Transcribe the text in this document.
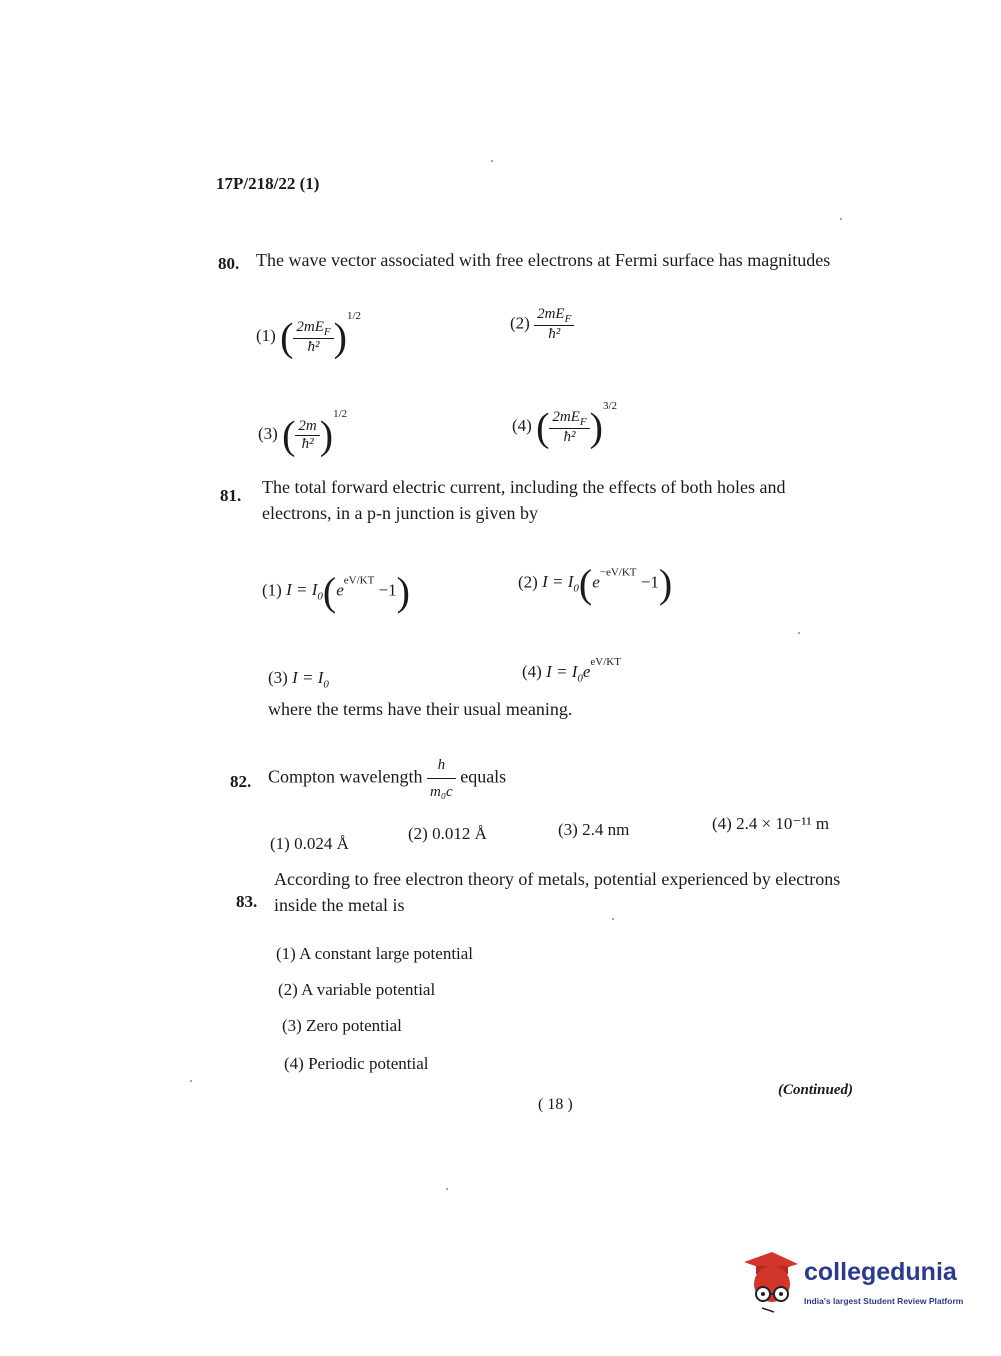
17P/218/22 (1)
80. The wave vector associated with free electrons at Fermi surface has magnitudes
(1) ( $\frac{2mE_F}{\text{ħ²}} )^{1/2}$	$(2) \frac{2mE_F}{\text{ħ²}}$
(3) ( $\frac{2m}{\text{ħ²}} )^{1/2}$
(4) ( $\frac{2mE_F}{\text{ħ²}} )^{3/2}$
81. The total forward electric current, including the effects of both holes and electrons, in a p-n junction is given by
(1) $I = I_0(e^{eV/KT} -1)$	(2) $I = I_0(e^{-eV/KT} -1)$
(3) $I = I_0$
(4) $I = I_0e^{eV/KT}$
where the terms have their usual meaning.
82. Compton wavelength $\frac{h}{\text{m₀c}}$ equals
(1) 0.024 Å
(2) 0.012 Å	(3) 2.4 nm	(4) 2.4 × 10⁻¹¹ m
83.
According to free electron theory of metals, potential experienced by electrons inside the metal is
(1) A constant large potential
(2) A variable potential
(3) Zero potential
(4) Periodic potential
( 18 )
(Continued)
collegedunia
India's largest Student Review Platform
